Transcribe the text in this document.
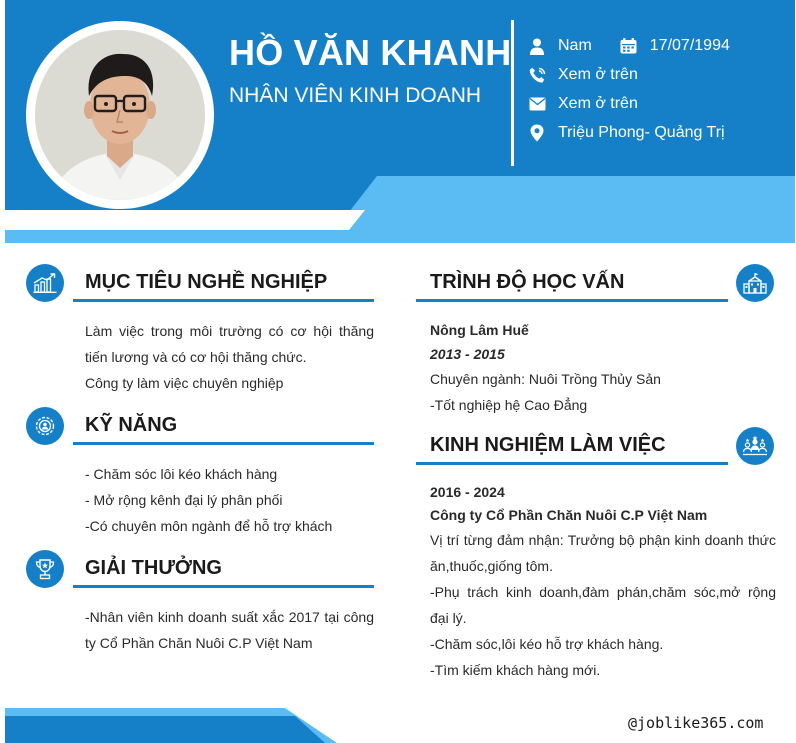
HỒ VĂN KHANH
NHÂN VIÊN KINH DOANH
Nam	17/07/1994
Xem ở trên
Xem ở trên
Triệu Phong- Quảng Trị
MỤC TIÊU NGHỀ NGHIỆP

Làm việc trong môi trường có cơ hội thăng tiến lương và có cơ hội thăng chức.

Công ty làm việc chuyên nghiệp

KỸ NĂNG

- Chăm sóc lôi kéo khách hàng

- Mở rộng kênh đại lý phân phối

-Có chuyên môn ngành để hỗ trợ khách

GIẢI THƯỞNG

-Nhân viên kinh doanh suất xắc 2017 tại công ty Cổ Phần Chăn Nuôi C.P Việt Nam

TRÌNH ĐỘ HỌC VẤN

Nông Lâm Huế

2013 - 2015

Chuyên ngành: Nuôi Trồng Thủy Sản

-Tốt nghiệp hệ Cao Đẳng

KINH NGHIỆM LÀM VIỆC

2016 - 2024

Công ty Cổ Phần Chăn Nuôi C.P Việt Nam

Vị trí từng đảm nhận: Trưởng bộ phận kinh doanh thức ăn,thuốc,giống tôm.

-Phụ trách kinh doanh,đàm phán,chăm sóc,mở rộng đại lý.

-Chăm sóc,lôi kéo hỗ trợ khách hàng.

-Tìm kiếm khách hàng mới.

@joblike365.com
